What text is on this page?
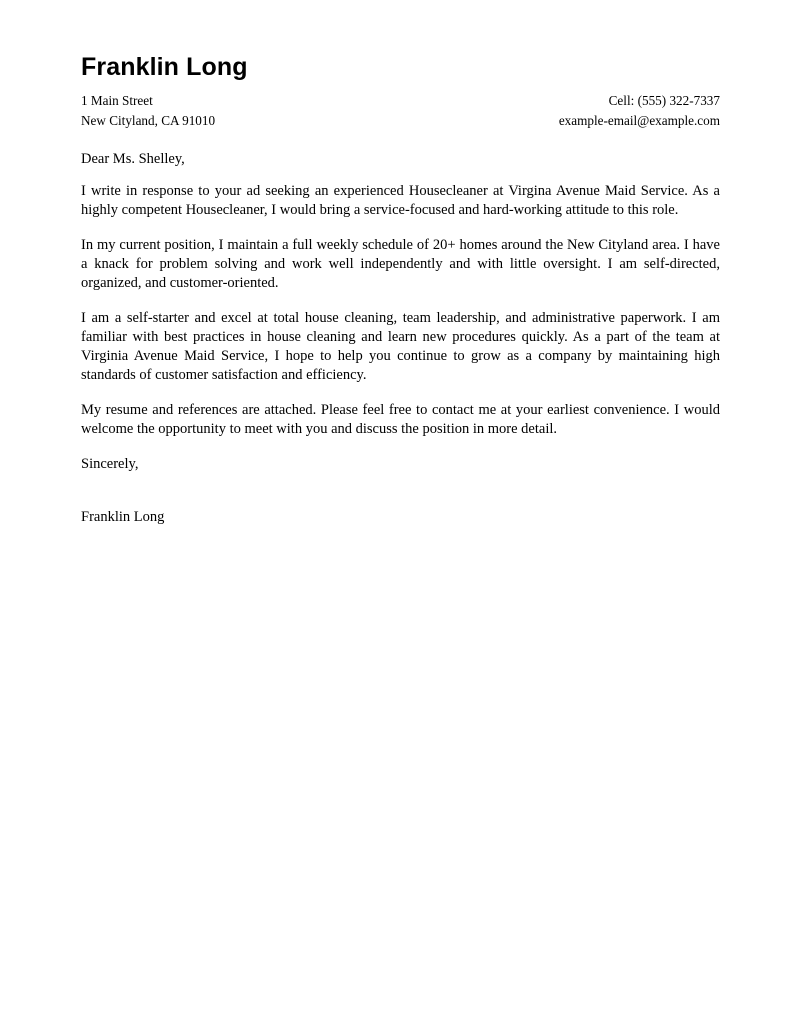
Franklin Long
1 Main Street	Cell: (555) 322-7337
New Cityland, CA 91010	example-email@example.com
Dear Ms. Shelley,

I write in response to your ad seeking an experienced Housecleaner at Virgina Avenue Maid Service. As a highly competent Housecleaner, I would bring a service-focused and hard-working attitude to this role.

In my current position, I maintain a full weekly schedule of 20+ homes around the New Cityland area. I have a knack for problem solving and work well independently and with little oversight. I am self-directed, organized, and customer-oriented.

I am a self-starter and excel at total house cleaning, team leadership, and administrative paperwork. I am familiar with best practices in house cleaning and learn new procedures quickly. As a part of the team at Virginia Avenue Maid Service, I hope to help you continue to grow as a company by maintaining high standards of customer satisfaction and efficiency.

My resume and references are attached. Please feel free to contact me at your earliest convenience. I would welcome the opportunity to meet with you and discuss the position in more detail.

Sincerely,
Franklin Long
